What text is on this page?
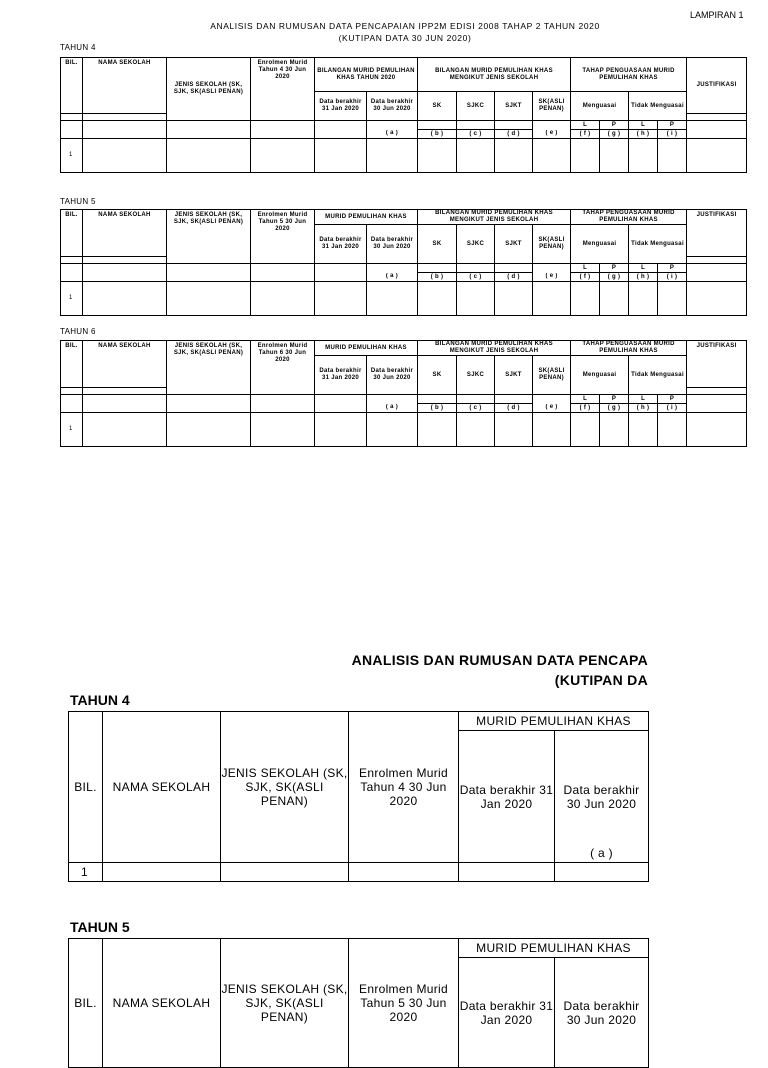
LAMPIRAN 1
ANALISIS DAN RUMUSAN DATA PENCAPAIAN IPP2M EDISI 2008 TAHAP 2 TAHUN 2020
(KUTIPAN DATA 30 JUN 2020)
TAHUN 4
BIL.	NAMA SEKOLAH	JENIS SEKOLAH (SK, SJK, SK(ASLI PENAN)	Enrolmen Murid Tahun 4 30 Jun 2020	BILANGAN MURID PEMULIHAN KHAS TAHUN 2020		BILANGAN MURID PEMULIHAN KHAS MENGIKUT JENIS SEKOLAH				TAHAP PENGUASAAN MURID PEMULIHAN KHAS				JUSTIFIKASI
				Data berakhir 31 Jan 2020	Data berakhir 30 Jun 2020	SK	SJKC	SJKT	SK(ASLI PENAN)	Menguasai		Tidak Menguasai		

										L	P	L	P	
					( a )	( b )	( c )	( d )	( e )	( f )	( g )	( h )	( i )	
1														
TAHUN 5
BIL.	NAMA SEKOLAH	JENIS SEKOLAH (SK, SJK, SK(ASLI PENAN)	Enrolmen Murid Tahun 5 30 Jun 2020	MURID PEMULIHAN KHAS		BILANGAN MURID PEMULIHAN KHAS MENGIKUT JENIS SEKOLAH				TAHAP PENGUASAAN MURID PEMULIHAN KHAS				JUSTIFIKASI
				Data berakhir 31 Jan 2020	Data berakhir 30 Jun 2020	SK	SJKC	SJKT	SK(ASLI PENAN)	Menguasai		Tidak Menguasai		

										L	P	L	P	
					( a )	( b )	( c )	( d )	( e )	( f )	( g )	( h )	( i )	
1														
TAHUN 6
BIL.	NAMA SEKOLAH	JENIS SEKOLAH (SK, SJK, SK(ASLI PENAN)	Enrolmen Murid Tahun 6 30 Jun 2020	MURID PEMULIHAN KHAS		BILANGAN MURID PEMULIHAN KHAS MENGIKUT JENIS SEKOLAH				TAHAP PENGUASAAN MURID PEMULIHAN KHAS				JUSTIFIKASI
				Data berakhir 31 Jan 2020	Data berakhir 30 Jun 2020	SK	SJKC	SJKT	SK(ASLI PENAN)	Menguasai		Tidak Menguasai		

										L	P	L	P	
					( a )	( b )	( c )	( d )	( e )	( f )	( g )	( h )	( i )	
1														
ANALISIS DAN RUMUSAN DATA PENCAPA
(KUTIPAN DA
TAHUN 4
BIL.	NAMA SEKOLAH	JENIS SEKOLAH (SK, SJK, SK(ASLI PENAN)	Enrolmen Murid Tahun 4 30 Jun 2020	MURID PEMULIHAN KHAS	
				Data berakhir 31 Jan 2020	Data berakhir 30 Jun 2020
( a )

1					
TAHUN 5
BIL.	NAMA SEKOLAH	JENIS SEKOLAH (SK, SJK, SK(ASLI PENAN)	Enrolmen Murid Tahun 5 30 Jun 2020	MURID PEMULIHAN KHAS	
				Data berakhir 31 Jan 2020	Data berakhir 30 Jun 2020
